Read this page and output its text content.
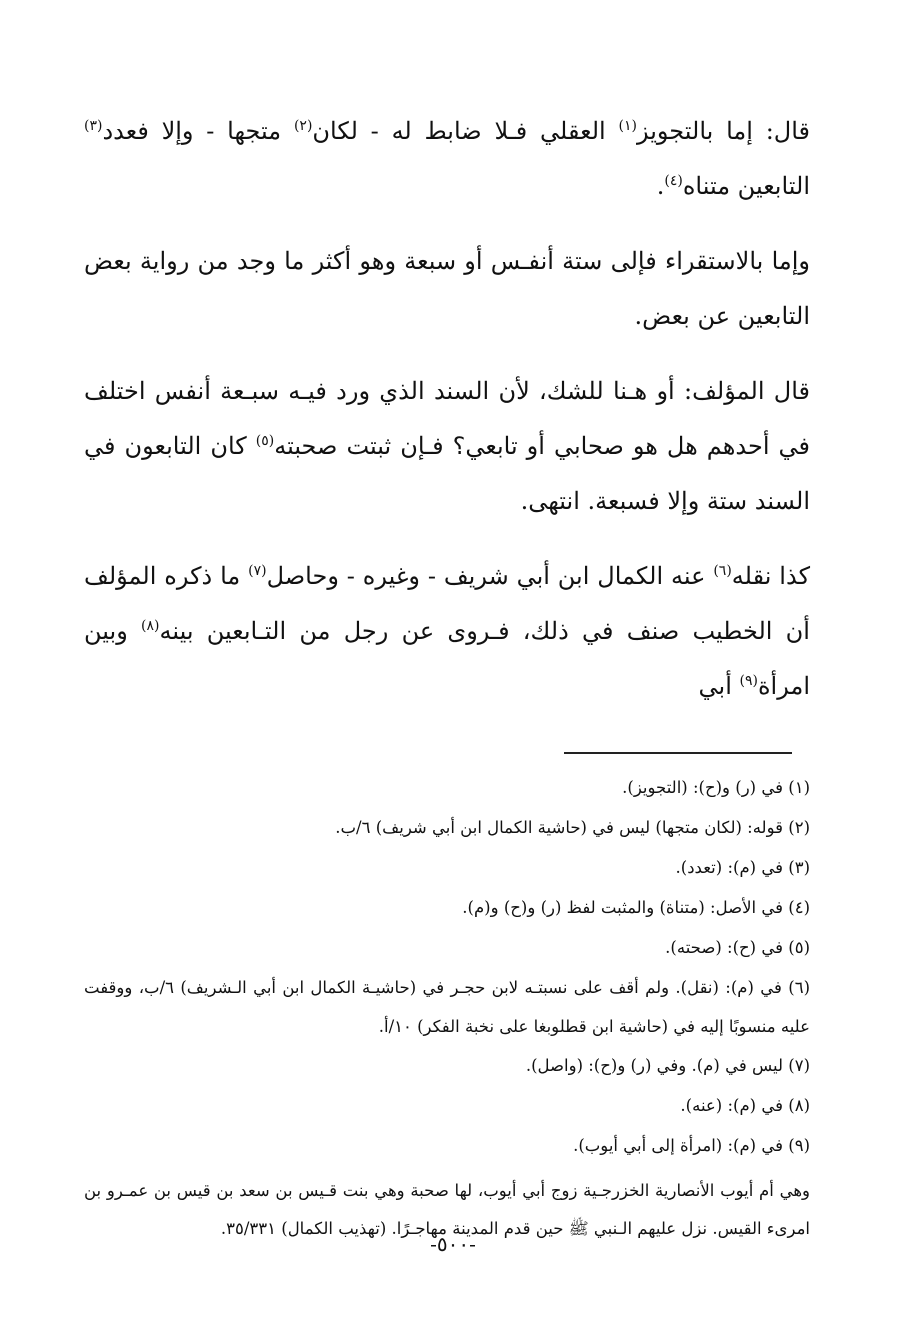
قال: إما بالتجويز$^{(١)}$ العقلي فـلا ضابط له - لكان$^{(٢)}$ متجها - وإلا فعدد$^{(٣)}$ التابعين متناه$^{(٤)}$.

وإما بالاستقراء فإلى ستة أنفـس أو سبعة وهو أكثر ما وجد من رواية بعض التابعين عن بعض.

قال المؤلف: أو هـنا للشك، لأن السند الذي ورد فيـه سبـعة أنفس اختلف في أحدهم هل هو صحابي أو تابعي؟ فـإن ثبتت صحبته$^{(٥)}$ كان التابعون في السند ستة وإلا فسبعة. انتهى.

كذا نقله$^{(٦)}$ عنه الكمال ابن أبي شريف - وغيره - وحاصل$^{(٧)}$ ما ذكره المؤلف أن الخطيب صنف في ذلك، فـروى عن رجل من التـابعين بينه$^{(٨)}$ وبين امرأة$^{(٩)}$ أبي

(١) في (ر) و(ح): (التجويز).

(٢) قوله: (لكان متجها) ليس في (حاشية الكمال ابن أبي شريف) ٦/ب.

(٣) في (م): (تعدد).

(٤) في الأصل: (متناة) والمثبت لفظ (ر) و(ح) و(م).

(٥) في (ح): (صحته).

(٦) في (م): (نقل). ولم أقف على نسبتـه لابن حجـر في (حاشيـة الكمال ابن أبي الـشريف) ٦/ب، ووقفت عليه منسوبًا إليه في (حاشية ابن قطلوبغا على نخبة الفكر) ١٠/أ.

(٧) ليس في (م). وفي (ر) و(ح): (واصل).

(٨) في (م): (عنه).

(٩) في (م): (امرأة إلى أبي أيوب).

وهي أم أيوب الأنصارية الخزرجـية زوج أبي أيوب، لها صحبة وهي بنت قـيس بن سعد بن قيس بن عمـرو بن امرىء القيس. نزل عليهم الـنبي ﷺ حين قدم المدينة مهاجـرًا. (تهذيب الكمال) ٣٥/٣٣١.

-٥٠٠-
